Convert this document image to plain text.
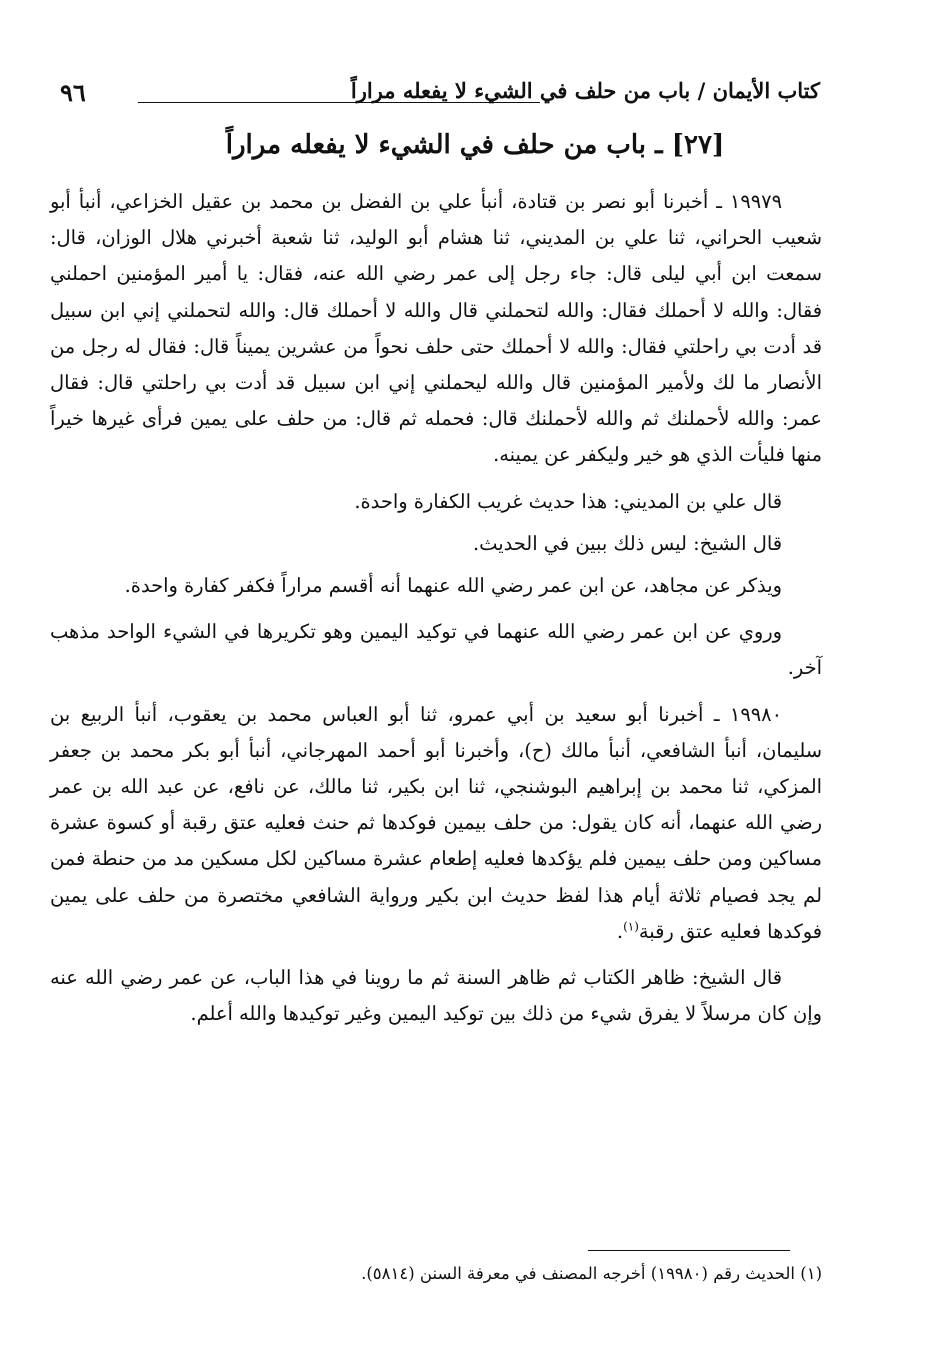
كتاب الأيمان / باب من حلف في الشيء لا يفعله مراراً
٩٦
[٢٧] ـ باب من حلف في الشيء لا يفعله مراراً

١٩٩٧٩ ـ أخبرنا أبو نصر بن قتادة، أنبأ علي بن الفضل بن محمد بن عقيل الخزاعي، أنبأ أبو شعيب الحراني، ثنا علي بن المديني، ثنا هشام أبو الوليد، ثنا شعبة أخبرني هلال الوزان، قال: سمعت ابن أبي ليلى قال: جاء رجل إلى عمر رضي الله عنه، فقال: يا أمير المؤمنين احملني فقال: والله لا أحملك فقال: والله لتحملني قال والله لا أحملك قال: والله لتحملني إني ابن سبيل قد أدت بي راحلتي فقال: والله لا أحملك حتى حلف نحواً من عشرين يميناً قال: فقال له رجل من الأنصار ما لك ولأمير المؤمنين قال والله ليحملني إني ابن سبيل قد أدت بي راحلتي قال: فقال عمر: والله لأحملنك ثم والله لأحملنك قال: فحمله ثم قال: من حلف على يمين فرأى غيرها خيراً منها فليأت الذي هو خير وليكفر عن يمينه.

قال علي بن المديني: هذا حديث غريب الكفارة واحدة.

قال الشيخ: ليس ذلك ببين في الحديث.

ويذكر عن مجاهد، عن ابن عمر رضي الله عنهما أنه أقسم مراراً فكفر كفارة واحدة.

وروي عن ابن عمر رضي الله عنهما في توكيد اليمين وهو تكريرها في الشيء الواحد مذهب آخر.

١٩٩٨٠ ـ أخبرنا أبو سعيد بن أبي عمرو، ثنا أبو العباس محمد بن يعقوب، أنبأ الربيع بن سليمان، أنبأ الشافعي، أنبأ مالك (ح)، وأخبرنا أبو أحمد المهرجاني، أنبأ أبو بكر محمد بن جعفر المزكي، ثنا محمد بن إبراهيم البوشنجي، ثنا ابن بكير، ثنا مالك، عن نافع، عن عبد الله بن عمر رضي الله عنهما، أنه كان يقول: من حلف بيمين فوكدها ثم حنث فعليه عتق رقبة أو كسوة عشرة مساكين ومن حلف بيمين فلم يؤكدها فعليه إطعام عشرة مساكين لكل مسكين مد من حنطة فمن لم يجد فصيام ثلاثة أيام هذا لفظ حديث ابن بكير ورواية الشافعي مختصرة من حلف على يمين فوكدها فعليه عتق رقبة$^{(١)}$.

قال الشيخ: ظاهر الكتاب ثم ظاهر السنة ثم ما روينا في هذا الباب، عن عمر رضي الله عنه وإن كان مرسلاً لا يفرق شيء من ذلك بين توكيد اليمين وغير توكيدها والله أعلم.

(١) الحديث رقم (١٩٩٨٠) أخرجه المصنف في معرفة السنن (٥٨١٤).
